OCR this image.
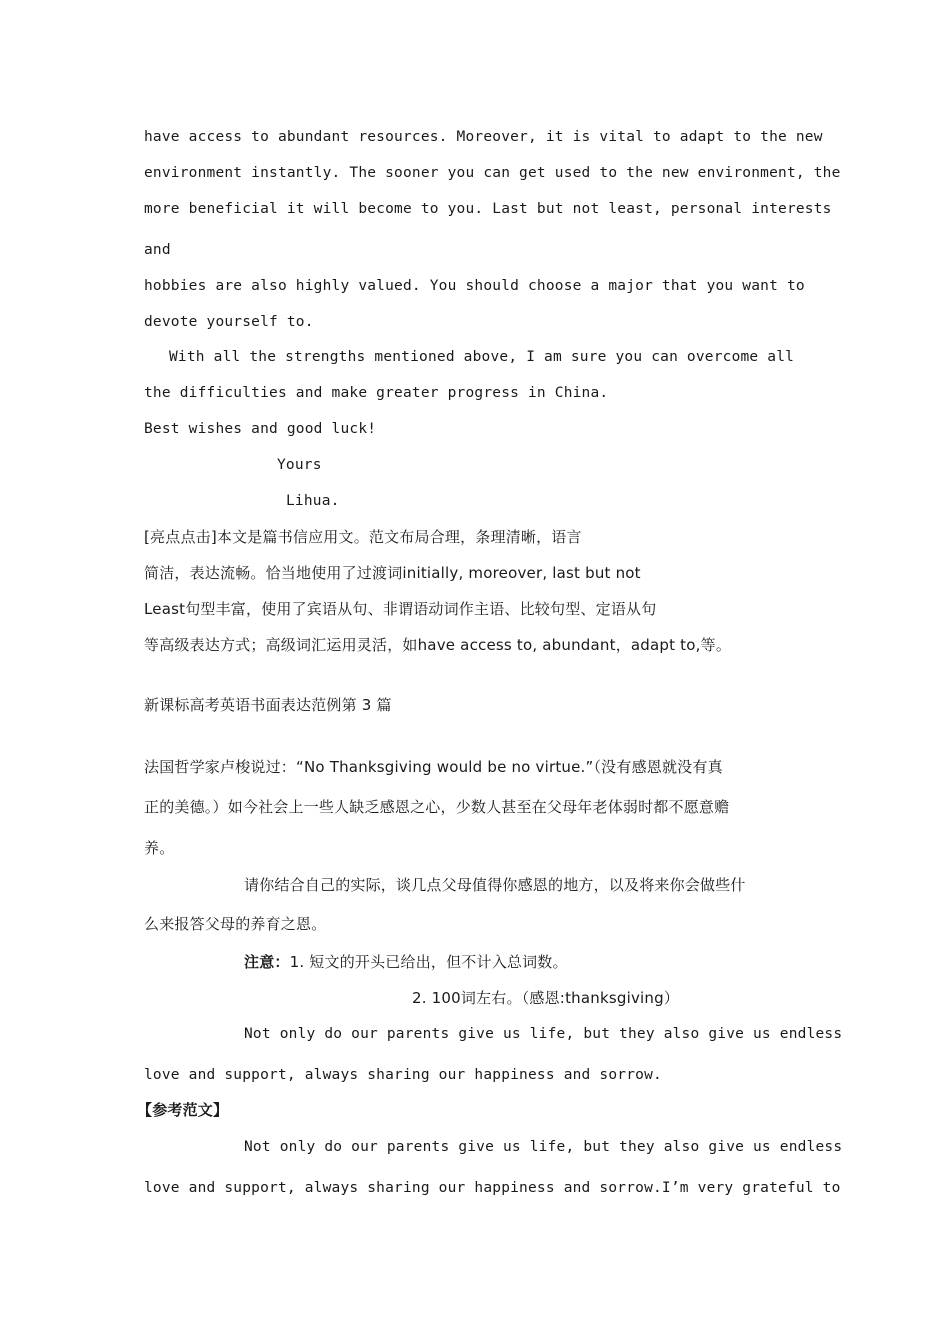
have access to abundant resources. Moreover, it is vital to adapt to the new
environment instantly. The sooner you can get used to the new environment, the
more beneficial it will become to you. Last but not least, personal interests
and
hobbies are also highly valued. You should choose a major that you want to
devote yourself to.
With all the strengths mentioned above, I am sure you can overcome all
the difficulties and make greater progress in China.
Best wishes and good luck!
Yours
Lihua.
[亮点点击]本文是篇书信应用文。范文布局合理，条理清晰，语言
简洁，表达流畅。恰当地使用了过渡词initially, moreover, last but not
Least句型丰富，使用了宾语从句、非谓语动词作主语、比较句型、定语从句
等高级表达方式；高级词汇运用灵活，如have access to, abundant，adapt to,等。
新课标高考英语书面表达范例第 3 篇
法国哲学家卢梭说过：“No Thanksgiving would be no virtue.”（没有感恩就没有真
正的美德。）如今社会上一些人缺乏感恩之心，少数人甚至在父母年老体弱时都不愿意赡
养。
请你结合自己的实际，谈几点父母值得你感恩的地方，以及将来你会做些什
么来报答父母的养育之恩。
注意：1. 短文的开头已给出，但不计入总词数。
2. 100词左右。（感恩:thanksgiving）
Not only do our parents give us life, but they also give us endless
love and support, always sharing our happiness and sorrow.
【参考范文】
Not only do our parents give us life, but they also give us endless
love and support, always sharing our happiness and sorrow.I’m very grateful to
